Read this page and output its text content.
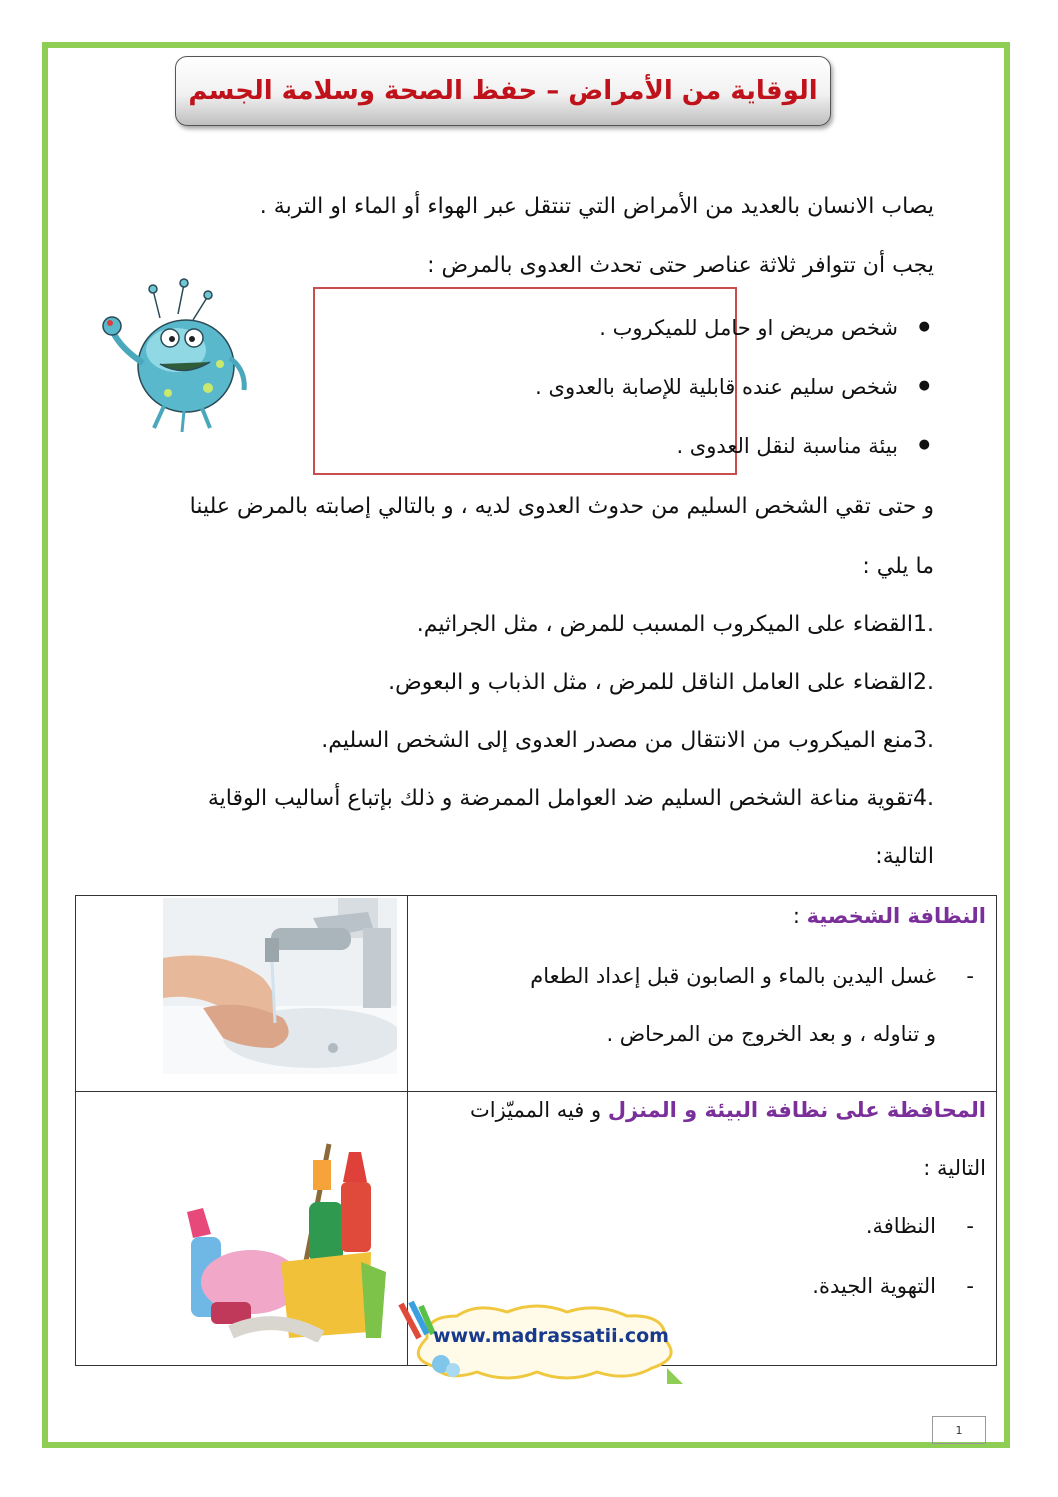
الوقاية من الأمراض – حفظ الصحة وسلامة الجسم
يصاب الانسان بالعديد من الأمراض التي تنتقل عبر الهواء أو الماء او التربة .
يجب أن تتوافر ثلاثة عناصر حتى تحدث العدوى بالمرض :
شخص مريض او حامل للميكروب . ●
شخص سليم عنده قابلية للإصابة بالعدوى . ●
بيئة مناسبة لنقل العدوى . ●
و حتى تقي الشخص السليم من حدوث العدوى لديه ، و بالتالي إصابته بالمرض علينا
ما يلي :
.1القضاء على الميكروب المسبب للمرض ، مثل الجراثيم.
.2القضاء على العامل الناقل للمرض ، مثل الذباب و البعوض.
.3منع الميكروب من الانتقال من مصدر العدوى إلى الشخص السليم.
.4تقوية مناعة الشخص السليم ضد العوامل الممرضة و ذلك بإتباع أساليب الوقاية
التالية:

النظافة الشخصية :
- غسل اليدين بالماء و الصابون قبل إعداد الطعام
و تناوله ، و بعد الخروج من المرحاض .

المحافظة على نظافة البيئة و المنزل و فيه المميّزات
التالية :
- النظافة.
- التهوية الجيدة.
www.madrassatii.com
1
